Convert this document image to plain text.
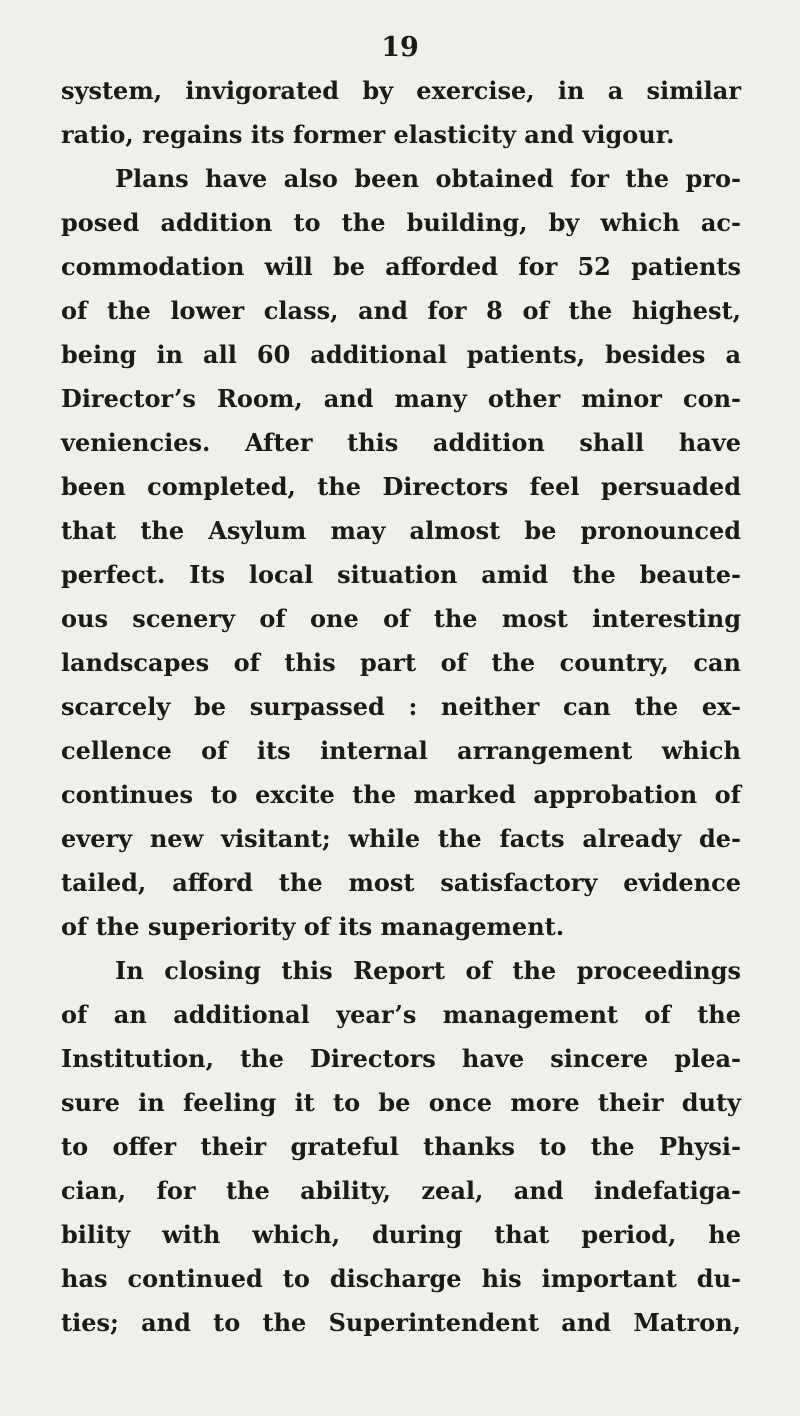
19
system, invigorated by exercise, in a similar
ratio, regains its former elasticity and vigour.
Plans have also been obtained for the pro-
posed addition to the building, by which ac-
commodation will be afforded for 52 patients
of the lower class, and for 8 of the highest,
being in all 60 additional patients, besides a
Director’s Room, and many other minor con-
veniencies. After this addition shall have
been completed, the Directors feel persuaded
that the Asylum may almost be pronounced
perfect. Its local situation amid the beaute-
ous scenery of one of the most interesting
landscapes of this part of the country, can
scarcely be surpassed : neither can the ex-
cellence of its internal arrangement which
continues to excite the marked approbation of
every new visitant; while the facts already de-
tailed, afford the most satisfactory evidence
of the superiority of its management.
In closing this Report of the proceedings
of an additional year’s management of the
Institution, the Directors have sincere plea-
sure in feeling it to be once more their duty
to offer their grateful thanks to the Physi-
cian, for the ability, zeal, and indefatiga-
bility with which, during that period, he
has continued to discharge his important du-
ties; and to the Superintendent and Matron,
